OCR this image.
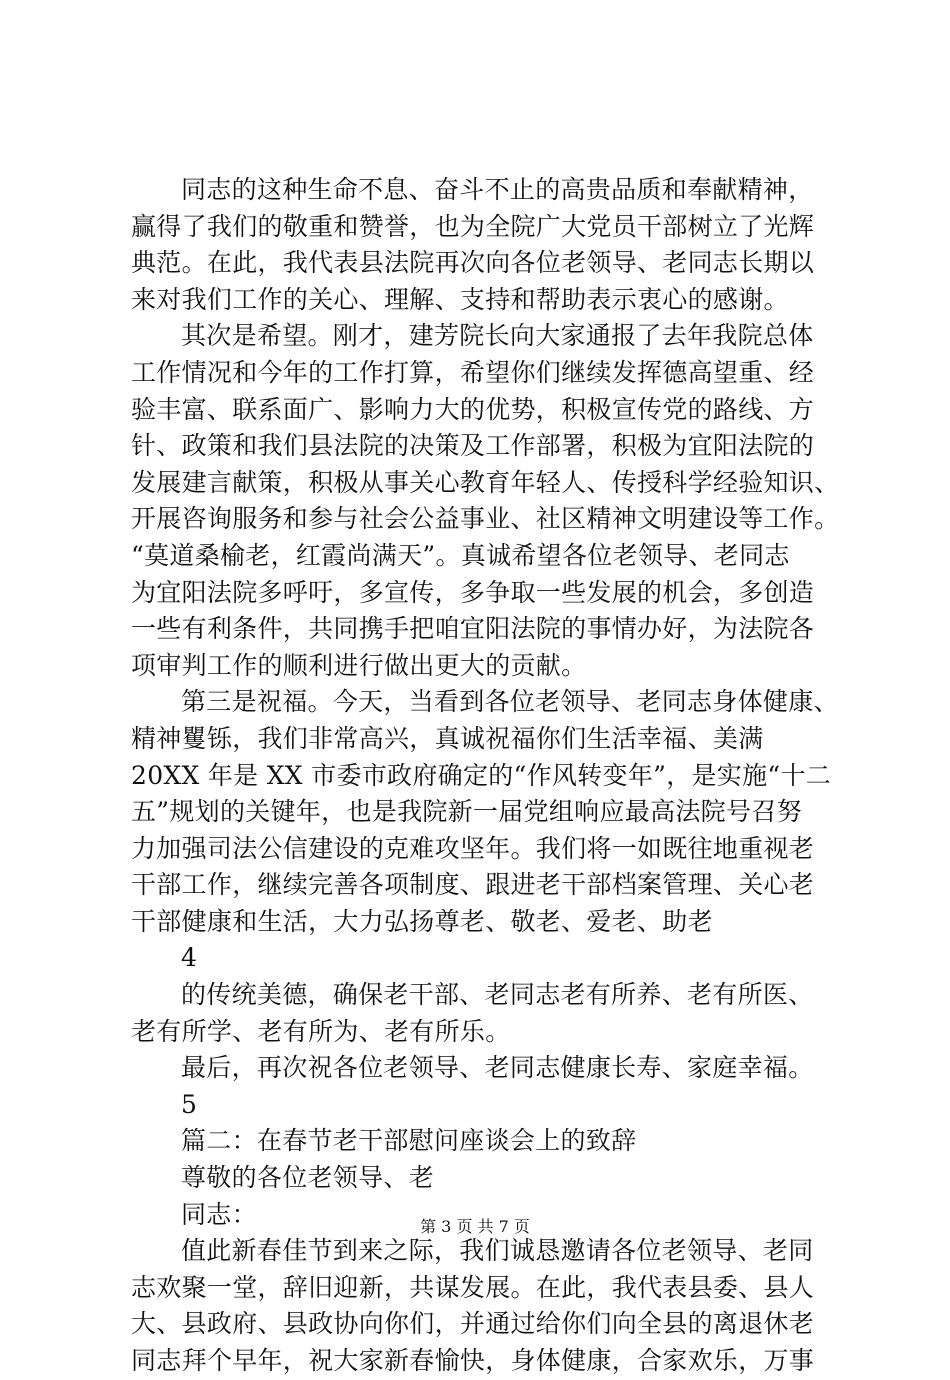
同志的这种生命不息、奋斗不止的高贵品质和奉献精神，
赢得了我们的敬重和赞誉，也为全院广大党员干部树立了光辉
典范。在此，我代表县法院再次向各位老领导、老同志长期以
来对我们工作的关心、理解、支持和帮助表示衷心的感谢。
其次是希望。刚才，建芳院长向大家通报了去年我院总体
工作情况和今年的工作打算，希望你们继续发挥德高望重、经
验丰富、联系面广、影响力大的优势，积极宣传党的路线、方
针、政策和我们县法院的决策及工作部署，积极为宜阳法院的
发展建言献策，积极从事关心教育年轻人、传授科学经验知识、
开展咨询服务和参与社会公益事业、社区精神文明建设等工作。
“莫道桑榆老，红霞尚满天”。真诚希望各位老领导、老同志
为宜阳法院多呼吁，多宣传，多争取一些发展的机会，多创造
一些有利条件，共同携手把咱宜阳法院的事情办好，为法院各
项审判工作的顺利进行做出更大的贡献。
第三是祝福。今天，当看到各位老领导、老同志身体健康、
精神矍铄，我们非常高兴，真诚祝福你们生活幸福、美满
20XX 年是 XX 市委市政府确定的“作风转变年”，是实施“十二
五”规划的关键年，也是我院新一届党组响应最高法院号召努
力加强司法公信建设的克难攻坚年。我们将一如既往地重视老
干部工作，继续完善各项制度、跟进老干部档案管理、关心老
干部健康和生活，大力弘扬尊老、敬老、爱老、助老
4
的传统美德，确保老干部、老同志老有所养、老有所医、
老有所学、老有所为、老有所乐。
最后，再次祝各位老领导、老同志健康长寿、家庭幸福。
5
篇二：在春节老干部慰问座谈会上的致辞
尊敬的各位老领导、老
同志：
值此新春佳节到来之际，我们诚恳邀请各位老领导、老同
志欢聚一堂，辞旧迎新，共谋发展。在此，我代表县委、县人
大、县政府、县政协向你们，并通过给你们向全县的离退休老
同志拜个早年，祝大家新春愉快，身体健康，合家欢乐，万事
第 3 页 共 7 页
